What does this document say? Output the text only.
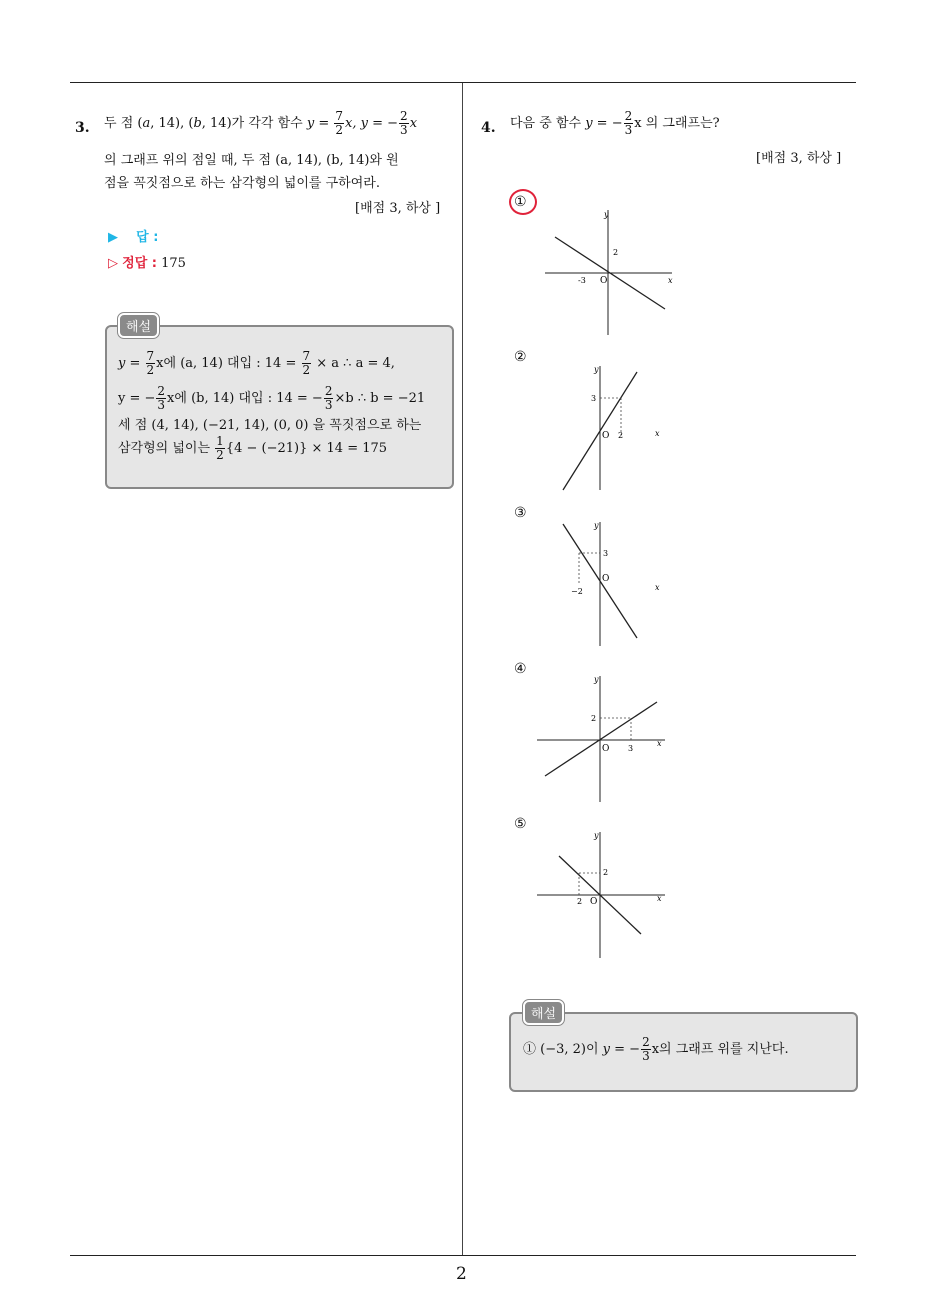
2
3. 두 점 (a, 14), (b, 14)가 각각 함수 $y = \frac{7}{2} x$, y = − $\frac{2}{3}$ x
의 그래프 위의 점일 때, 두 점 (a, 14), (b, 14)와 원
점을 꼭짓점으로 하는 삼각형의 넓이를 구하여라.
[배점 3, 하상 ]
▶ 답 :
▷ 정답 : 175
해설
$y = \frac{7}{2}$ x에 (a, 14) 대입 : $14 = \frac{7}{2} \times a$ ∴ a = 4,
y = − $\frac{2}{3}$ x에 (b, 14) 대입 : 14 = − $\frac{2}{3} \times b$ ∴ b = −21
세 점 (4, 14), (−21, 14), (0, 0) 을 꼭짓점으로 하는
삼각형의 넓이는 $\frac{1}{2} \{4 - (-21)\} \times 14 = 175$
4. 다음 중 함수 y = − $\frac{2}{3}$ x 의 그래프는?
[배점 3, 하상 ]
①
②
③
④
⑤
y
x
O
2
-3
y
x
O
3
2
y
x
O
3
−2
y
x
O
2
3
y
x
O
2
2
해설
① (−3, 2)이 y = − $\frac{2}{3}$ x의 그래프 위를 지난다.
